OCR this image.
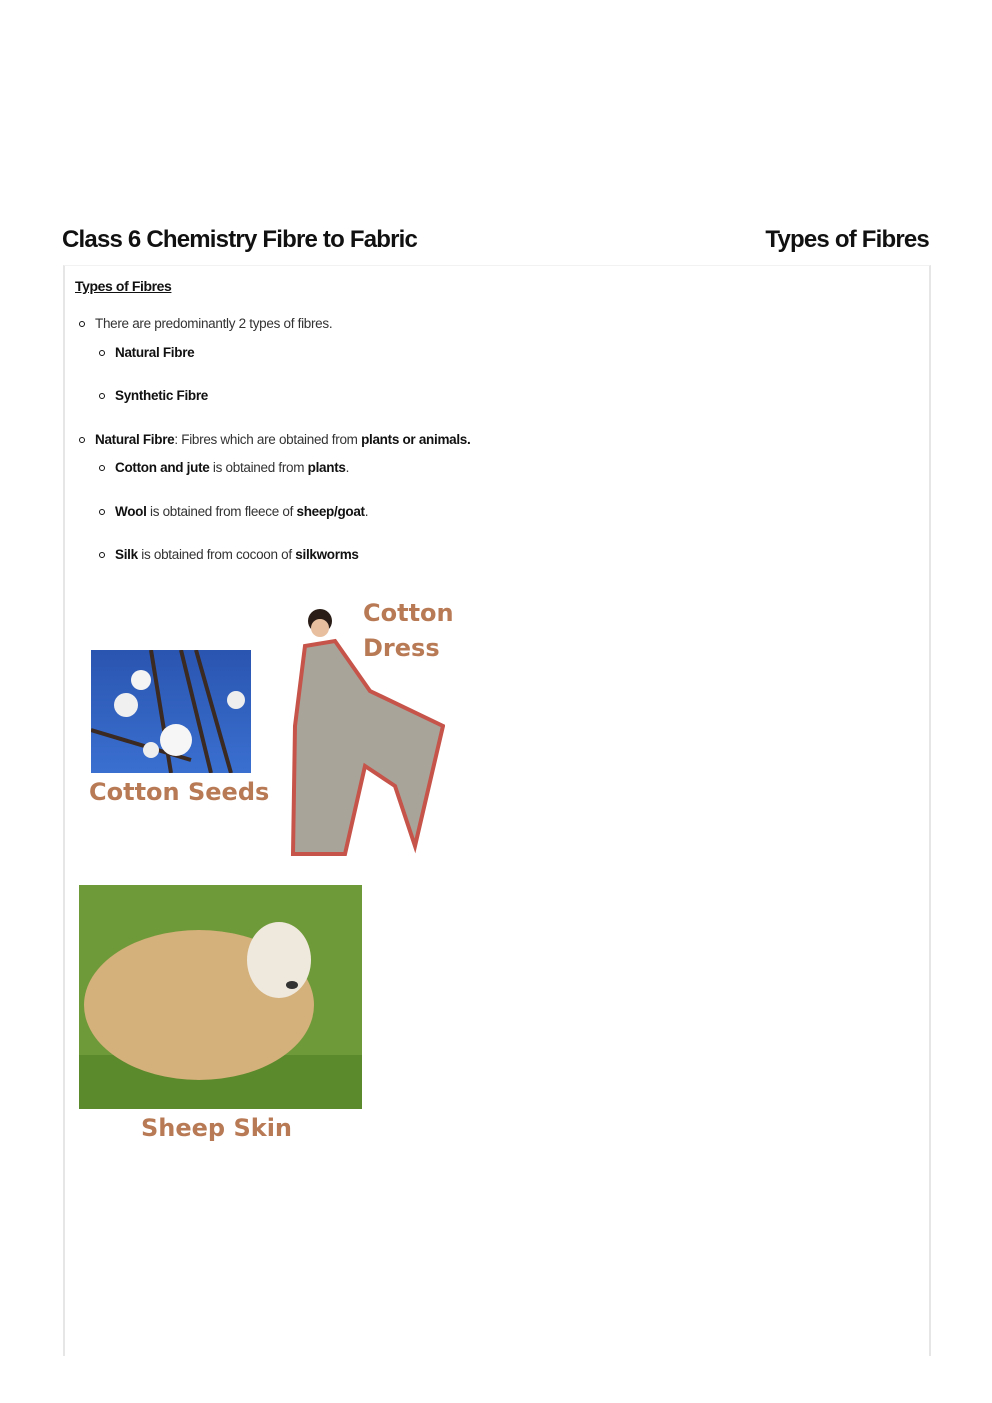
Class 6 Chemistry Fibre to Fabric	Types of Fibres
Types of Fibres
There are predominantly 2 types of fibres.
Natural Fibre
Synthetic Fibre
Natural Fibre: Fibres which are obtained from plants or animals.
Cotton and jute is obtained from plants.
Wool is obtained from fleece of sheep/goat.
Silk is obtained from cocoon of silkworms
Cotton Seeds
Cotton
Dress
Sheep Skin
